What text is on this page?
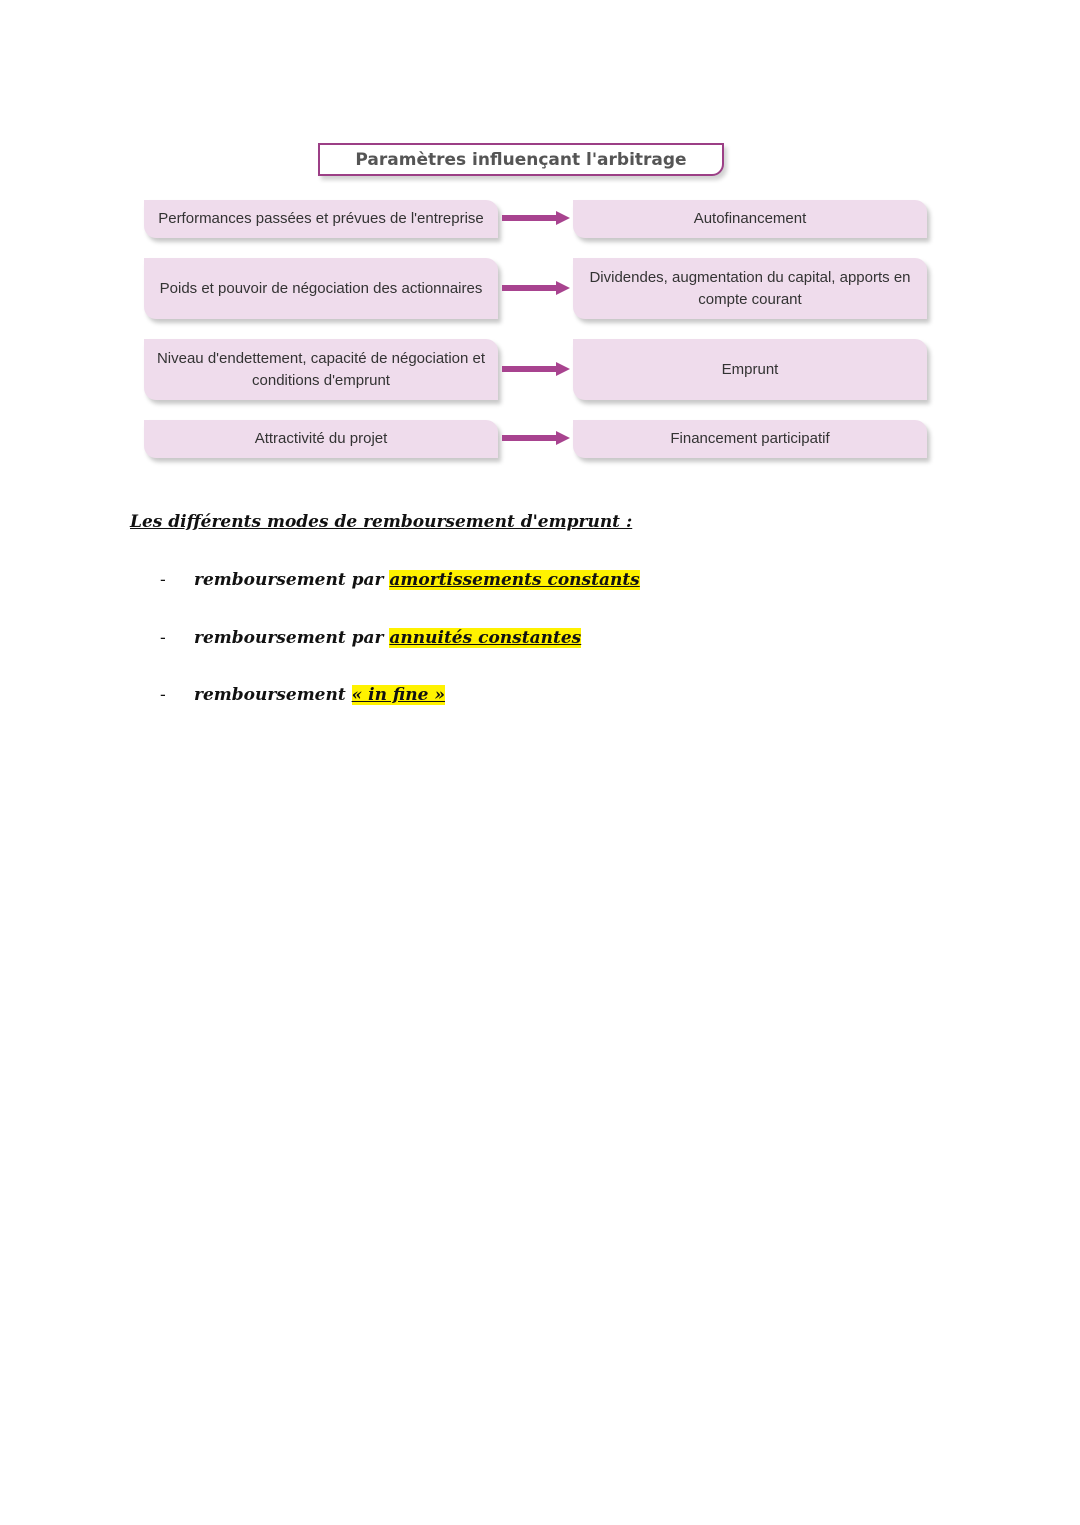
Paramètres influençant l'arbitrage
Performances passées et prévues de l'entreprise	Autofinancement
Poids et pouvoir de négociation des actionnaires
Dividendes, augmentation du capital, apports en compte courant
Niveau d'endettement, capacité de négociation et conditions d'emprunt
Emprunt
Attractivité du projet	Financement participatif
Les différents modes de remboursement d'emprunt :
- remboursement par amortissements constants
- remboursement par annuités constantes
- remboursement « in fine »
